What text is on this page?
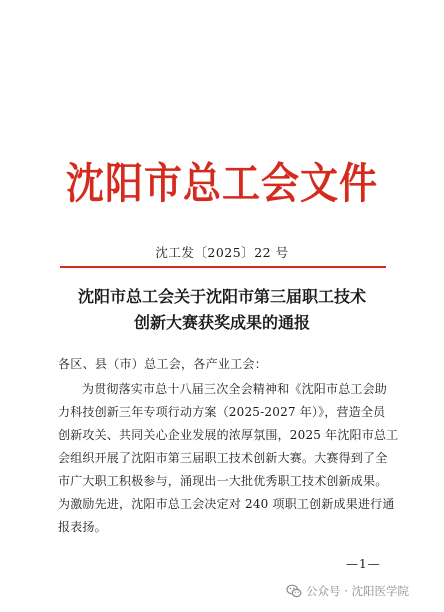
沈阳市总工会文件
沈工发〔2025〕22 号
沈阳市总工会关于沈阳市第三届职工技术
创新大赛获奖成果的通报
各区、县（市）总工会，各产业工会：
为贯彻落实市总十八届三次全会精神和《沈阳市总工会助
力科技创新三年专项行动方案（2025-2027 年）》，营造全员
创新攻关、共同关心企业发展的浓厚氛围，2025 年沈阳市总工
会组织开展了沈阳市第三届职工技术创新大赛。大赛得到了全
市广大职工积极参与，涌现出一大批优秀职工技术创新成果。
为激励先进，沈阳市总工会决定对 240 项职工创新成果进行通
报表扬。
—1—
公众号 · 沈阳医学院
